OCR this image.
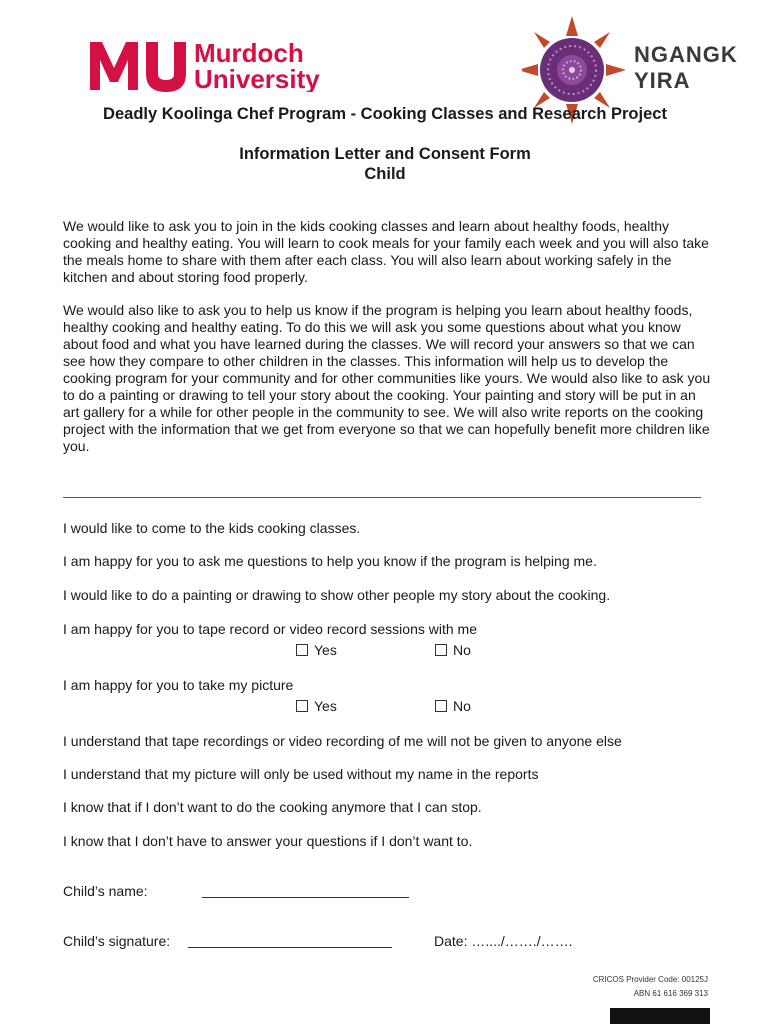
Murdoch
University
NGANGK
YIRA
Deadly Koolinga Chef Program - Cooking Classes and Research Project
Information Letter and Consent Form
Child

We would like to ask you to join in the kids cooking classes and learn about healthy foods, healthy cooking and healthy eating. You will learn to cook meals for your family each week and you will also take the meals home to share with them after each class. You will also learn about working safely in the kitchen and about storing food properly.

We would also like to ask you to help us know if the program is helping you learn about healthy foods, healthy cooking and healthy eating. To do this we will ask you some questions about what you know about food and what you have learned during the classes. We will record your answers so that we can see how they compare to other children in the classes. This information will help us to develop the cooking program for your community and for other communities like yours. We would also like to ask you to do a painting or drawing to tell your story about the cooking. Your painting and story will be put in an art gallery for a while for other people in the community to see. We will also write reports on the cooking project with the information that we get from everyone so that we can hopefully benefit more children like you.

I would like to come to the kids cooking classes.
I am happy for you to ask me questions to help you know if the program is helping me.
I would like to do a painting or drawing to show other people my story about the cooking.
I am happy for you to tape record or video record sessions with me
Yes	No
I am happy for you to take my picture
Yes	No
I understand that tape recordings or video recording of me will not be given to anyone else
I understand that my picture will only be used without my name in the reports
I know that if I don’t want to do the cooking anymore that I can stop.
I know that I don’t have to answer your questions if I don’t want to.
Child’s name:
Child’s signature:	Date: …..../……./…….
CRICOS Provider Code: 00125J
ABN 61 616 369 313
